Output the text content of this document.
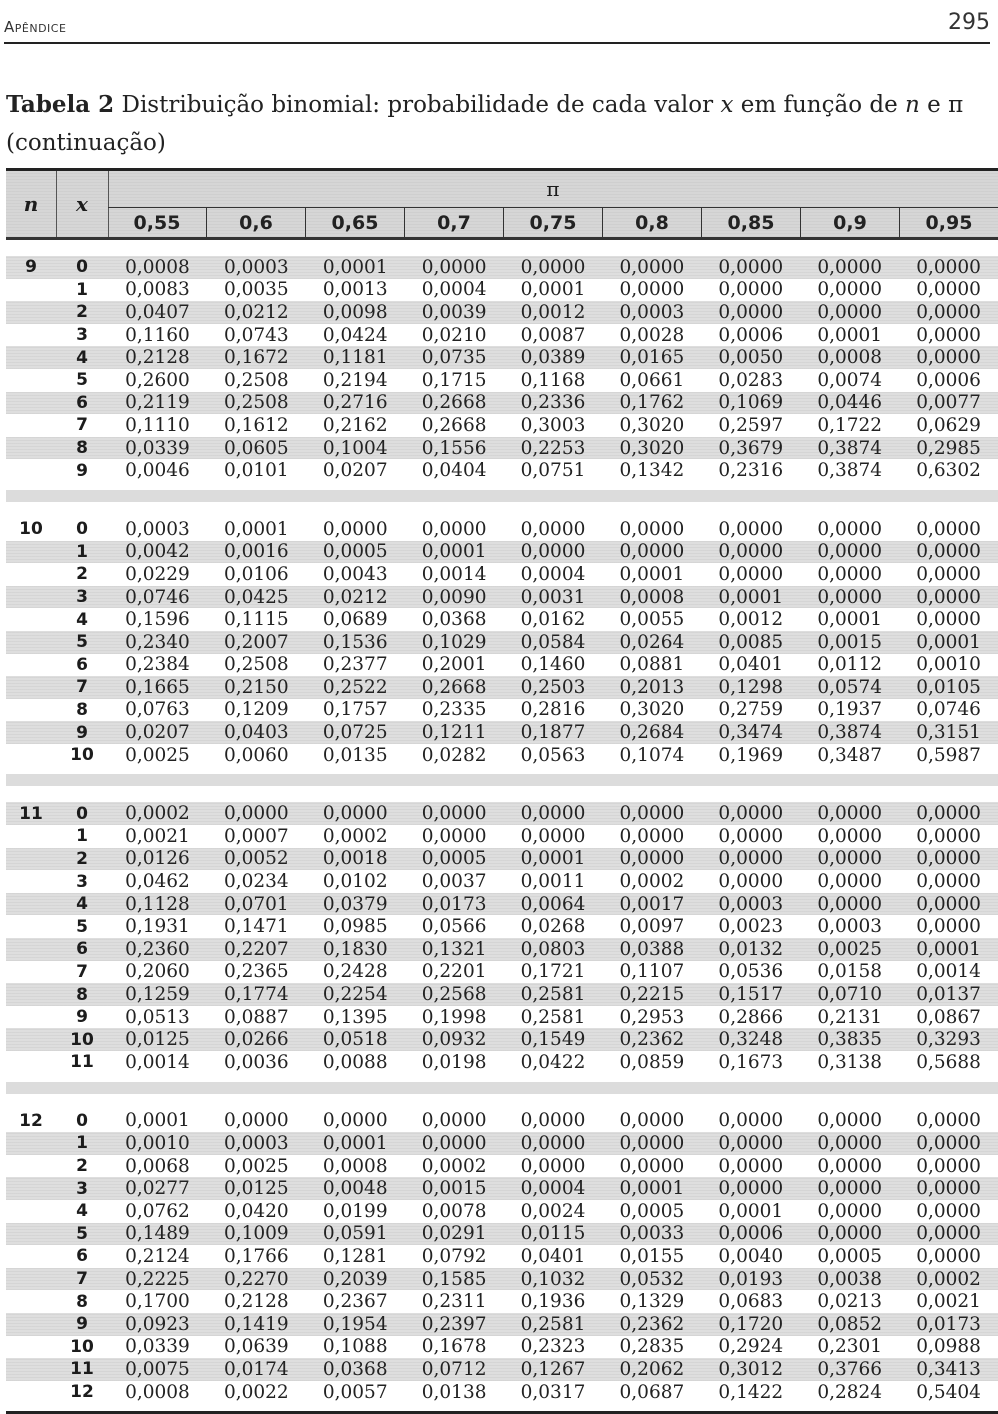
Apêndice	295
Tabela 2 Distribuição binomial: probabilidade de cada valor x em função de n e π (continuação)
n	x
π
0,55	0,6	0,65	0,7	0,75	0,8	0,85	0,9	0,95
9	0	0,0008	0,0003	0,0001	0,0000	0,0000	0,0000	0,0000	0,0000	0,0000
1	0,0083	0,0035	0,0013	0,0004	0,0001	0,0000	0,0000	0,0000	0,0000
2	0,0407	0,0212	0,0098	0,0039	0,0012	0,0003	0,0000	0,0000	0,0000
3	0,1160	0,0743	0,0424	0,0210	0,0087	0,0028	0,0006	0,0001	0,0000
4	0,2128	0,1672	0,1181	0,0735	0,0389	0,0165	0,0050	0,0008	0,0000
5	0,2600	0,2508	0,2194	0,1715	0,1168	0,0661	0,0283	0,0074	0,0006
6	0,2119	0,2508	0,2716	0,2668	0,2336	0,1762	0,1069	0,0446	0,0077
7	0,1110	0,1612	0,2162	0,2668	0,3003	0,3020	0,2597	0,1722	0,0629
8	0,0339	0,0605	0,1004	0,1556	0,2253	0,3020	0,3679	0,3874	0,2985
9	0,0046	0,0101	0,0207	0,0404	0,0751	0,1342	0,2316	0,3874	0,6302
10	0	0,0003	0,0001	0,0000	0,0000	0,0000	0,0000	0,0000	0,0000	0,0000
1	0,0042	0,0016	0,0005	0,0001	0,0000	0,0000	0,0000	0,0000	0,0000
2	0,0229	0,0106	0,0043	0,0014	0,0004	0,0001	0,0000	0,0000	0,0000
3	0,0746	0,0425	0,0212	0,0090	0,0031	0,0008	0,0001	0,0000	0,0000
4	0,1596	0,1115	0,0689	0,0368	0,0162	0,0055	0,0012	0,0001	0,0000
5	0,2340	0,2007	0,1536	0,1029	0,0584	0,0264	0,0085	0,0015	0,0001
6	0,2384	0,2508	0,2377	0,2001	0,1460	0,0881	0,0401	0,0112	0,0010
7	0,1665	0,2150	0,2522	0,2668	0,2503	0,2013	0,1298	0,0574	0,0105
8	0,0763	0,1209	0,1757	0,2335	0,2816	0,3020	0,2759	0,1937	0,0746
9	0,0207	0,0403	0,0725	0,1211	0,1877	0,2684	0,3474	0,3874	0,3151
10	0,0025	0,0060	0,0135	0,0282	0,0563	0,1074	0,1969	0,3487	0,5987
11	0	0,0002	0,0000	0,0000	0,0000	0,0000	0,0000	0,0000	0,0000	0,0000
1	0,0021	0,0007	0,0002	0,0000	0,0000	0,0000	0,0000	0,0000	0,0000
2	0,0126	0,0052	0,0018	0,0005	0,0001	0,0000	0,0000	0,0000	0,0000
3	0,0462	0,0234	0,0102	0,0037	0,0011	0,0002	0,0000	0,0000	0,0000
4	0,1128	0,0701	0,0379	0,0173	0,0064	0,0017	0,0003	0,0000	0,0000
5	0,1931	0,1471	0,0985	0,0566	0,0268	0,0097	0,0023	0,0003	0,0000
6	0,2360	0,2207	0,1830	0,1321	0,0803	0,0388	0,0132	0,0025	0,0001
7	0,2060	0,2365	0,2428	0,2201	0,1721	0,1107	0,0536	0,0158	0,0014
8	0,1259	0,1774	0,2254	0,2568	0,2581	0,2215	0,1517	0,0710	0,0137
9	0,0513	0,0887	0,1395	0,1998	0,2581	0,2953	0,2866	0,2131	0,0867
10	0,0125	0,0266	0,0518	0,0932	0,1549	0,2362	0,3248	0,3835	0,3293
11	0,0014	0,0036	0,0088	0,0198	0,0422	0,0859	0,1673	0,3138	0,5688
12	0	0,0001	0,0000	0,0000	0,0000	0,0000	0,0000	0,0000	0,0000	0,0000
1	0,0010	0,0003	0,0001	0,0000	0,0000	0,0000	0,0000	0,0000	0,0000
2	0,0068	0,0025	0,0008	0,0002	0,0000	0,0000	0,0000	0,0000	0,0000
3	0,0277	0,0125	0,0048	0,0015	0,0004	0,0001	0,0000	0,0000	0,0000
4	0,0762	0,0420	0,0199	0,0078	0,0024	0,0005	0,0001	0,0000	0,0000
5	0,1489	0,1009	0,0591	0,0291	0,0115	0,0033	0,0006	0,0000	0,0000
6	0,2124	0,1766	0,1281	0,0792	0,0401	0,0155	0,0040	0,0005	0,0000
7	0,2225	0,2270	0,2039	0,1585	0,1032	0,0532	0,0193	0,0038	0,0002
8	0,1700	0,2128	0,2367	0,2311	0,1936	0,1329	0,0683	0,0213	0,0021
9	0,0923	0,1419	0,1954	0,2397	0,2581	0,2362	0,1720	0,0852	0,0173
10	0,0339	0,0639	0,1088	0,1678	0,2323	0,2835	0,2924	0,2301	0,0988
11	0,0075	0,0174	0,0368	0,0712	0,1267	0,2062	0,3012	0,3766	0,3413
12	0,0008	0,0022	0,0057	0,0138	0,0317	0,0687	0,1422	0,2824	0,5404
